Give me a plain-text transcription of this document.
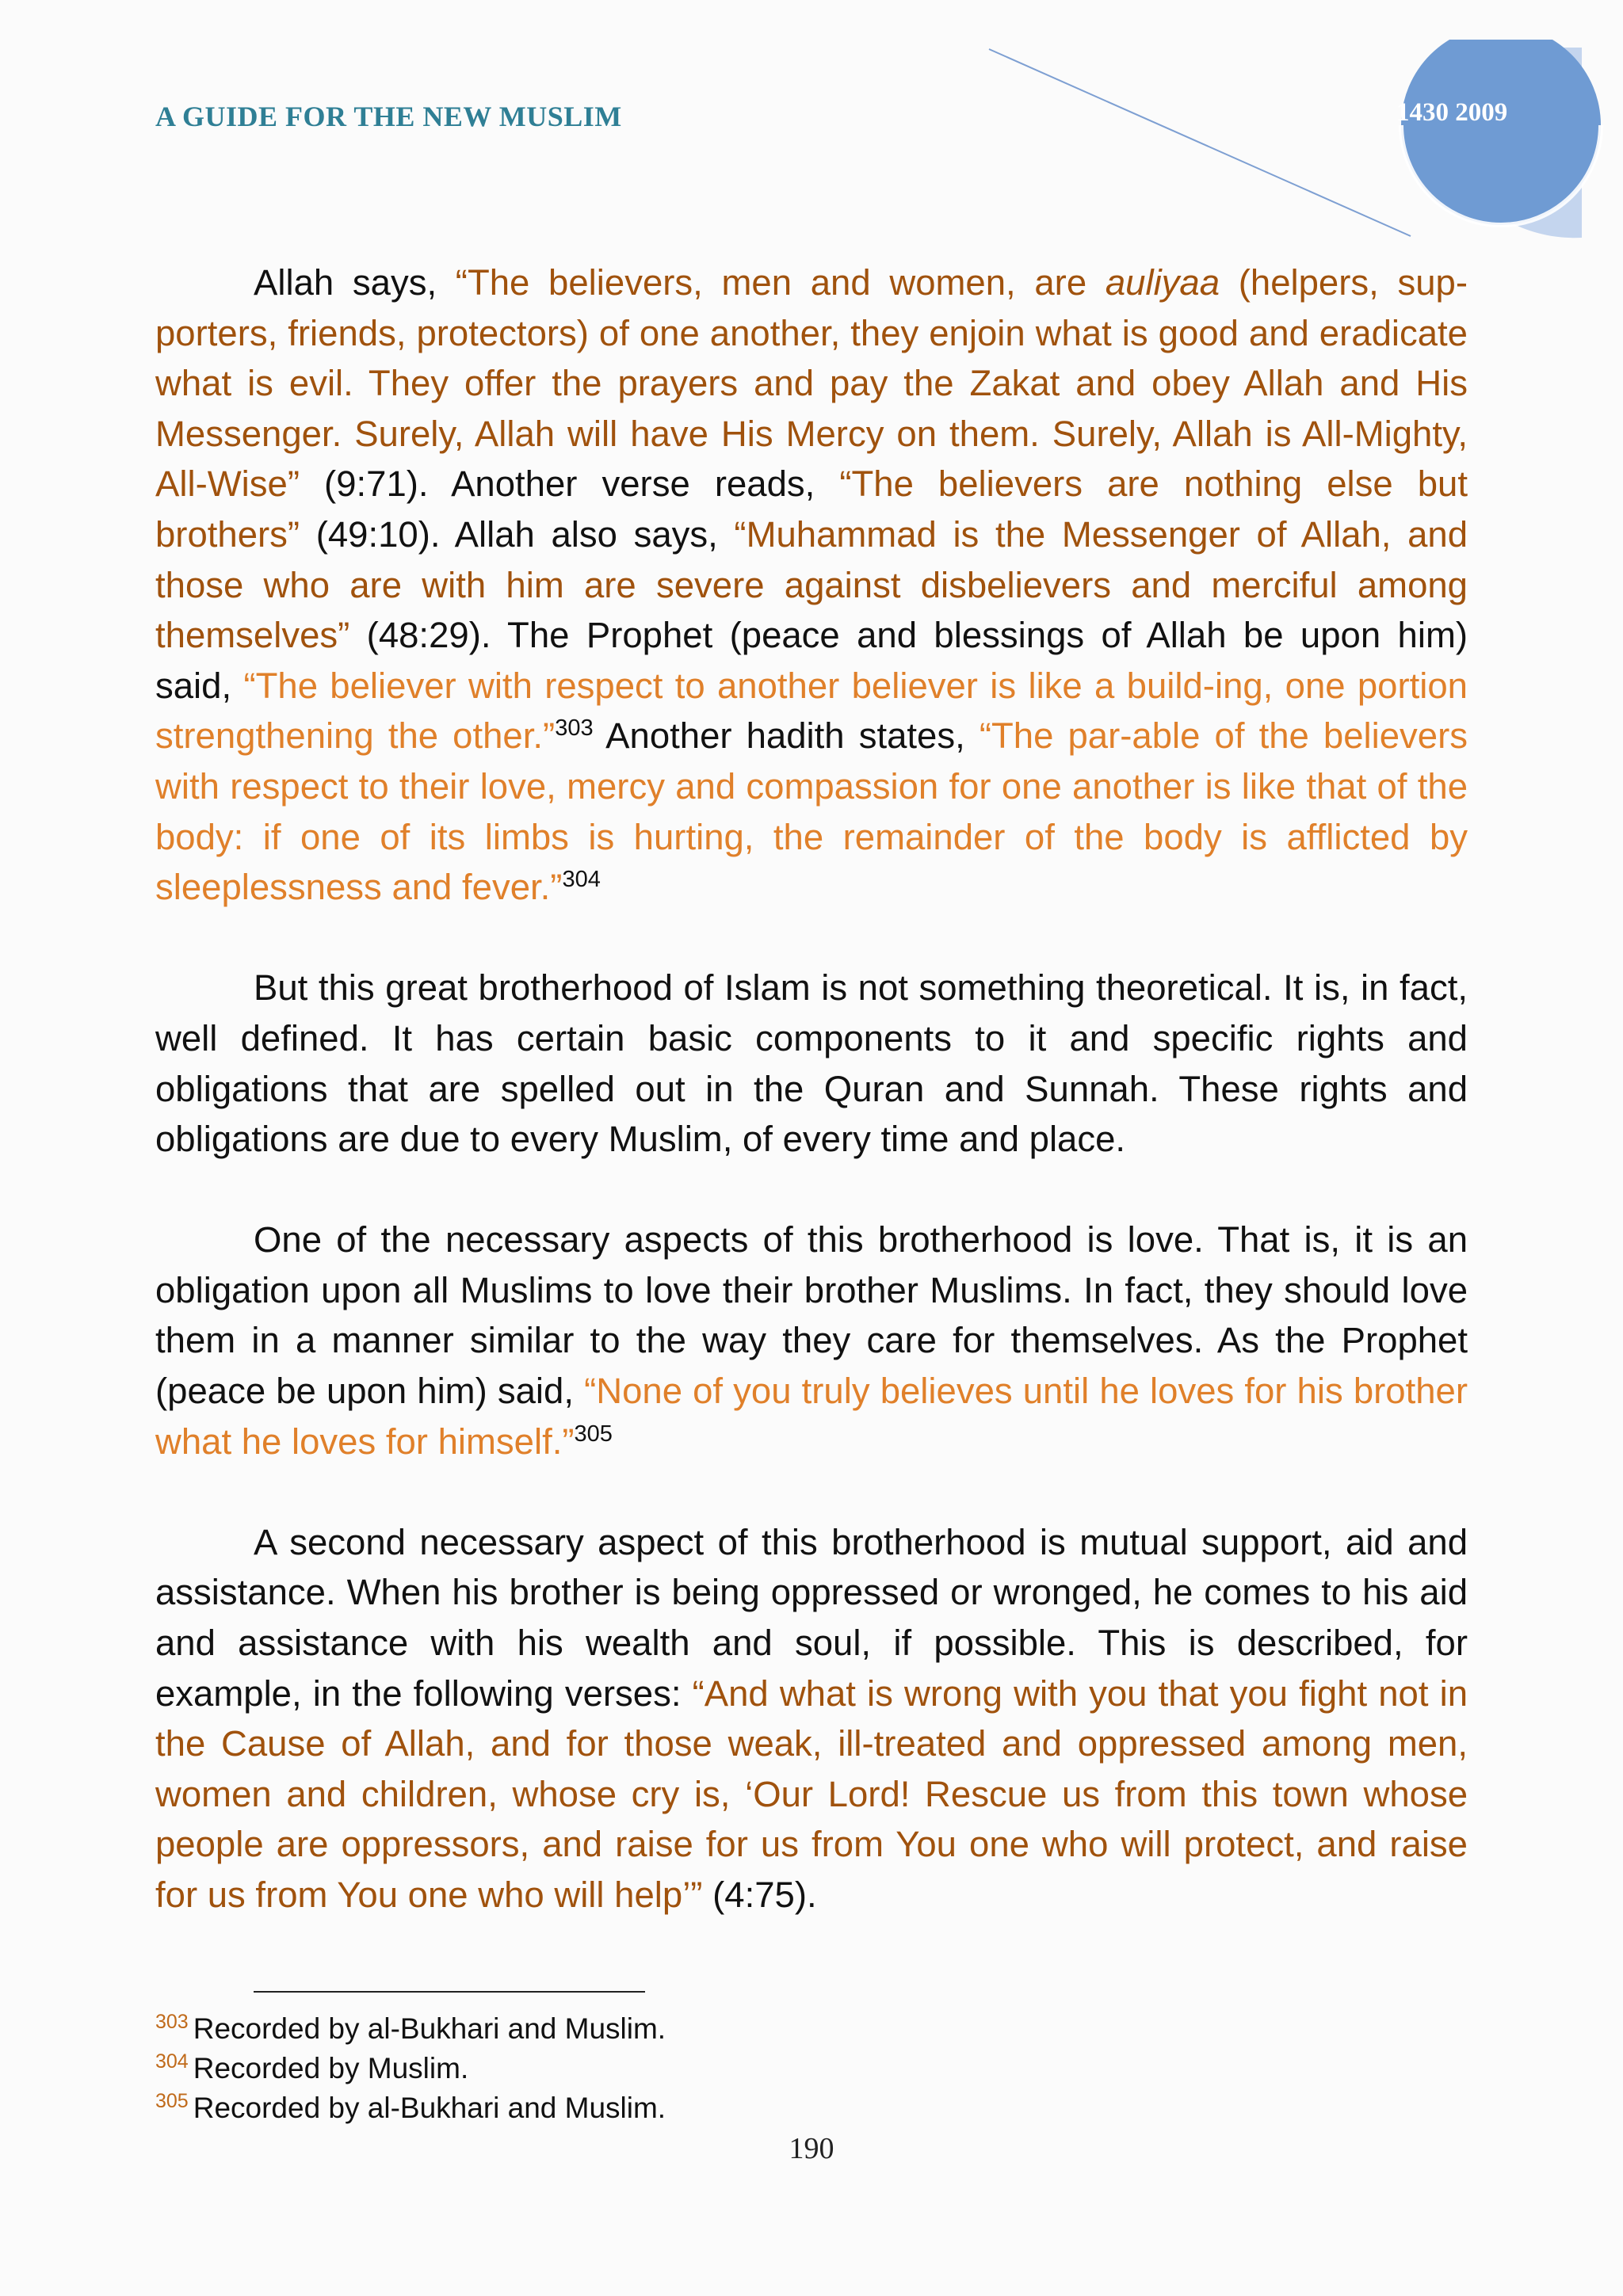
A GUIDE FOR THE NEW MUSLIM	1430 2009

Allah says, “The believers, men and women, are auliyaa (helpers, sup-porters, friends, protectors) of one another, they enjoin what is good and eradicate what is evil. They offer the prayers and pay the Zakat and obey Allah and His Messenger. Surely, Allah will have His Mercy on them. Surely, Allah is All-Mighty, All-Wise” (9:71). Another verse reads, “The believers are nothing else but brothers” (49:10). Allah also says, “Muhammad is the Messenger of Allah, and those who are with him are severe against disbelievers and merciful among themselves” (48:29). The Prophet (peace and blessings of Allah be upon him) said, “The believer with respect to another believer is like a build-ing, one portion strengthening the other.”$^{303}$ Another hadith states, “The par-able of the believers with respect to their love, mercy and compassion for one another is like that of the body: if one of its limbs is hurting, the remainder of the body is afflicted by sleeplessness and fever.”$^{304}$

But this great brotherhood of Islam is not something theoretical. It is, in fact, well defined. It has certain basic components to it and specific rights and obligations that are spelled out in the Quran and Sunnah. These rights and obligations are due to every Muslim, of every time and place.

One of the necessary aspects of this brotherhood is love. That is, it is an obligation upon all Muslims to love their brother Muslims. In fact, they should love them in a manner similar to the way they care for themselves. As the Prophet (peace be upon him) said, “None of you truly believes until he loves for his brother what he loves for himself.”$^{305}$

A second necessary aspect of this brotherhood is mutual support, aid and assistance. When his brother is being oppressed or wronged, he comes to his aid and assistance with his wealth and soul, if possible. This is described, for example, in the following verses: “And what is wrong with you that you fight not in the Cause of Allah, and for those weak, ill-treated and oppressed among men, women and children, whose cry is, ‘Our Lord! Rescue us from this town whose people are oppressors, and raise for us from You one who will protect, and raise for us from You one who will help’” (4:75).

$^{303}$ Recorded by al-Bukhari and Muslim.

$^{304}$ Recorded by Muslim.

$^{305}$ Recorded by al-Bukhari and Muslim.

190
